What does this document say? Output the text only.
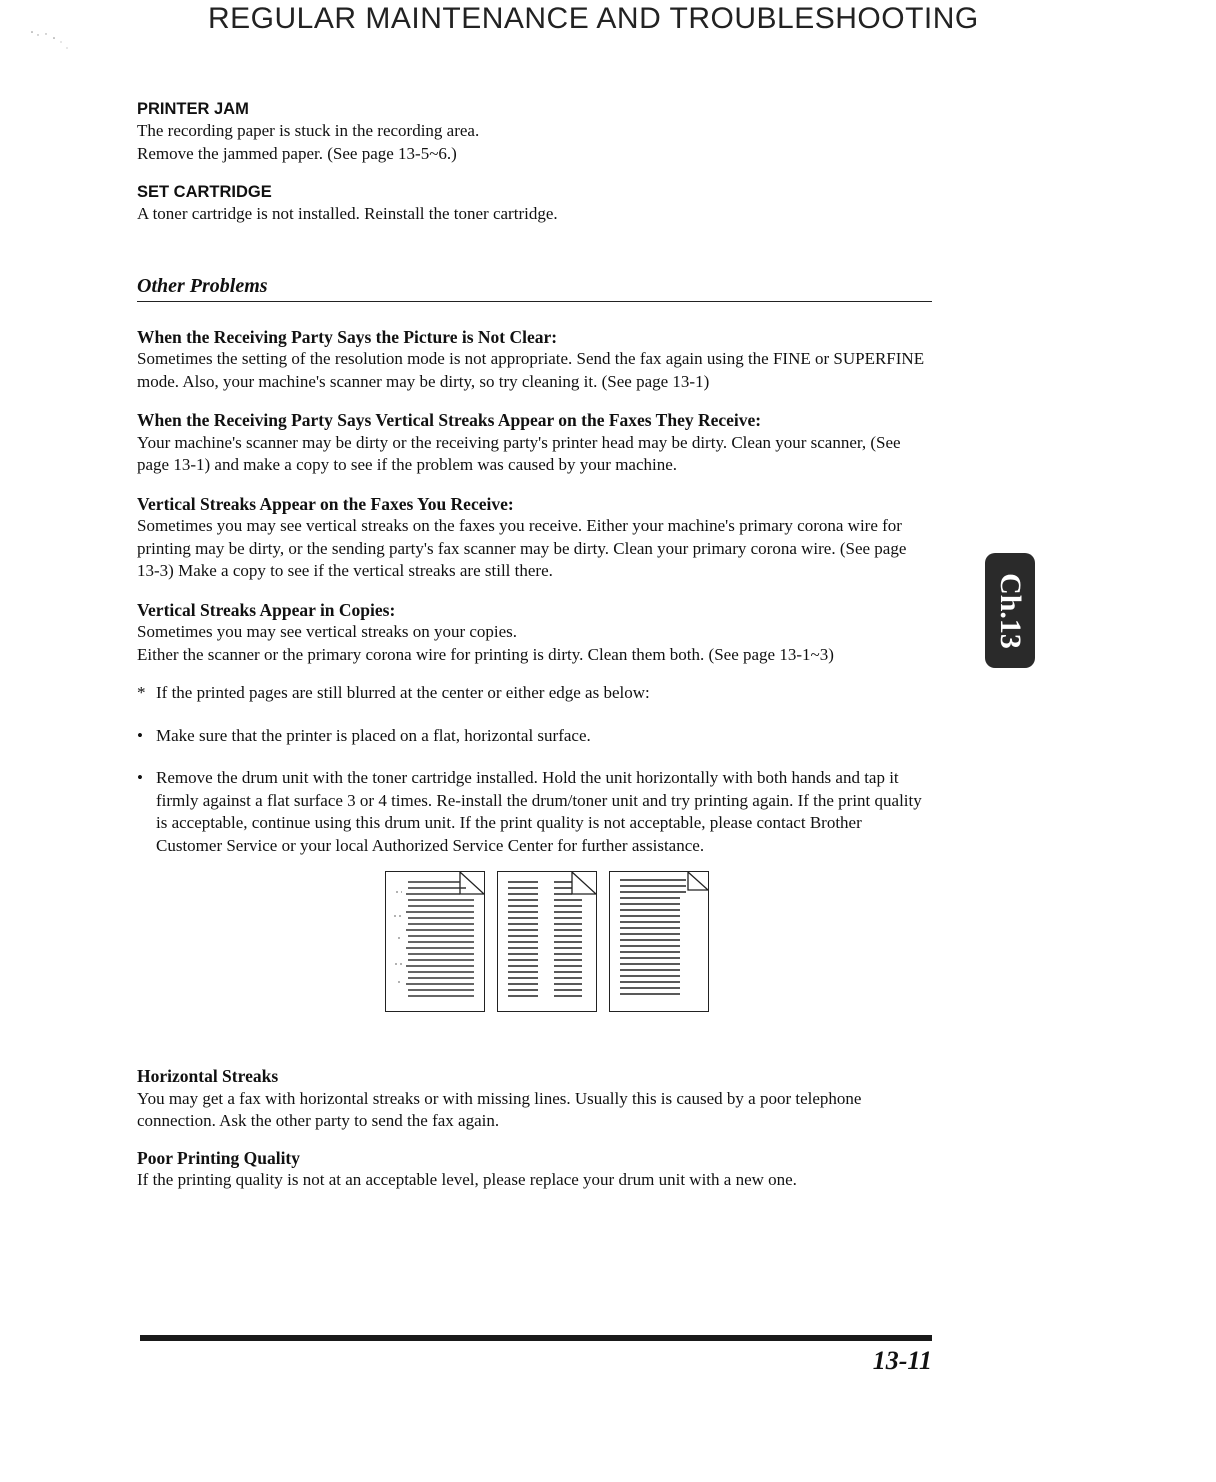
REGULAR MAINTENANCE AND TROUBLESHOOTING
PRINTER JAM

The recording paper is stuck in the recording area.

Remove the jammed paper. (See page 13-5~6.)

SET CARTRIDGE

A toner cartridge is not installed. Reinstall the toner cartridge.

Other Problems
When the Receiving Party Says the Picture is Not Clear:

Sometimes the setting of the resolution mode is not appropriate. Send the fax again using the FINE or SUPERFINE mode. Also, your machine's scanner may be dirty, so try cleaning it. (See page 13-1)

When the Receiving Party Says Vertical Streaks Appear on the Faxes They Receive:

Your machine's scanner may be dirty or the receiving party's printer head may be dirty. Clean your scanner, (See page 13-1) and make a copy to see if the problem was caused by your machine.

Vertical Streaks Appear on the Faxes You Receive:

Sometimes you may see vertical streaks on the faxes you receive. Either your machine's primary corona wire for printing may be dirty, or the sending party's fax scanner may be dirty. Clean your primary corona wire. (See page 13-3) Make a copy to see if the vertical streaks are still there.

Vertical Streaks Appear in Copies:

Sometimes you may see vertical streaks on your copies.

Either the scanner or the primary corona wire for printing is dirty. Clean them both. (See page 13-1~3)

* If the printed pages are still blurred at the center or either edge as below:
• Make sure that the printer is placed on a flat, horizontal surface.
• Remove the drum unit with the toner cartridge installed. Hold the unit horizontally with both hands and tap it firmly against a flat surface 3 or 4 times. Re-install the drum/toner unit and try printing again. If the print quality is acceptable, continue using this drum unit. If the print quality is not acceptable, please contact Brother Customer Service or your local Authorized Service Center for further assistance.
Horizontal Streaks

You may get a fax with horizontal streaks or with missing lines. Usually this is caused by a poor telephone connection. Ask the other party to send the fax again.

Poor Printing Quality

If the printing quality is not at an acceptable level, please replace your drum unit with a new one.

Ch.13
13-11
